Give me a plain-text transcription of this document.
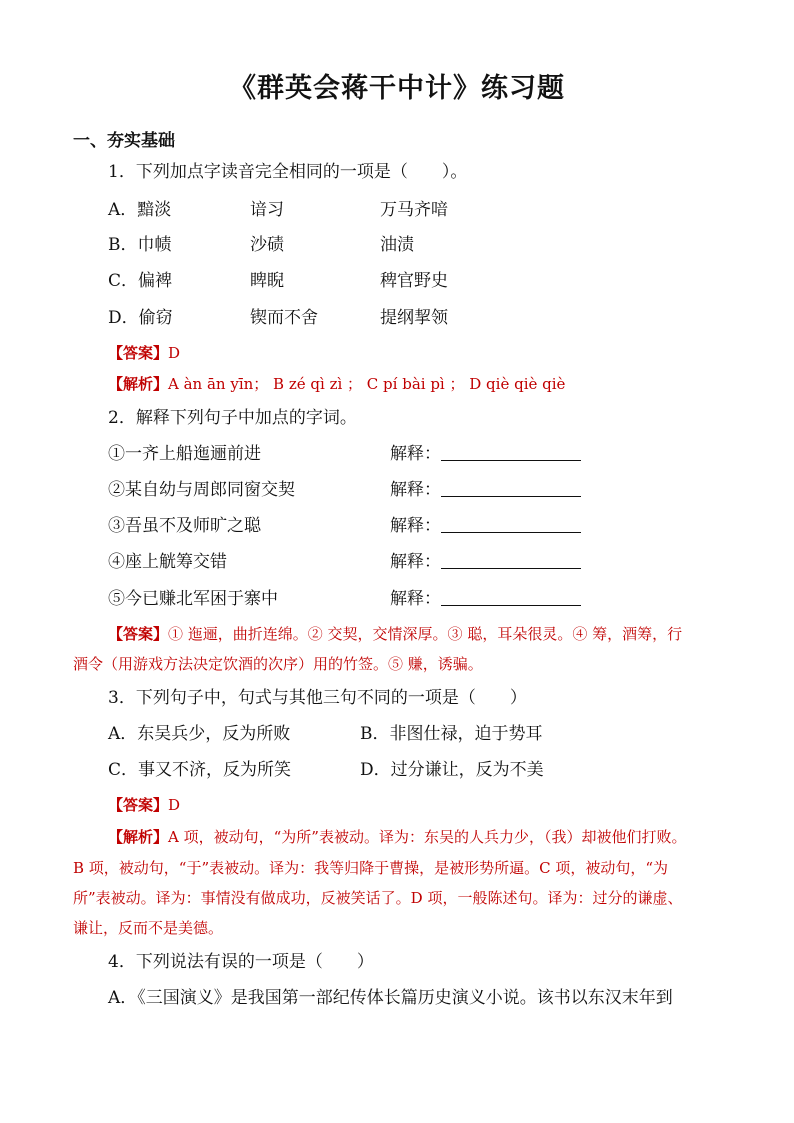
《群英会蒋干中计》练习题
一、夯实基础
1．下列加点字读音完全相同的一项是（　　）。
A．黯淡	谙习	万马齐喑
B．巾帻	沙碛	油渍
C．偏裨	睥睨	稗官野史
D．偷窃	锲而不舍	提纲挈领
【答案】D
【解析】A àn ān yīn； B zé qì zì ； C pí bài pì ； D qiè qiè qiè
2．解释下列句子中加点的字词。
①一齐上船迤逦前进	解释：
②某自幼与周郎同窗交契	解释：
③吾虽不及师旷之聪	解释：
④座上觥筹交错	解释：
⑤今已赚北军困于寨中	解释：
【答案】① 迤逦，曲折连绵。② 交契，交情深厚。③ 聪，耳朵很灵。④ 筹，酒筹，行
酒令（用游戏方法决定饮酒的次序）用的竹签。⑤ 赚，诱骗。
3．下列句子中，句式与其他三句不同的一项是（　　）
A．东吴兵少，反为所败	B．非图仕禄，迫于势耳
C．事又不济，反为所笑	D．过分谦让，反为不美
【答案】D
【解析】A 项，被动句，“为所”表被动。译为：东吴的人兵力少，（我）却被他们打败。
B 项，被动句，“于”表被动。译为：我等归降于曹操，是被形势所逼。C 项，被动句，“为
所”表被动。译为：事情没有做成功，反被笑话了。D 项，一般陈述句。译为：过分的谦虚、
谦让，反而不是美德。
4．下列说法有误的一项是（　　）
A．《三国演义》是我国第一部纪传体长篇历史演义小说。该书以东汉末年到
